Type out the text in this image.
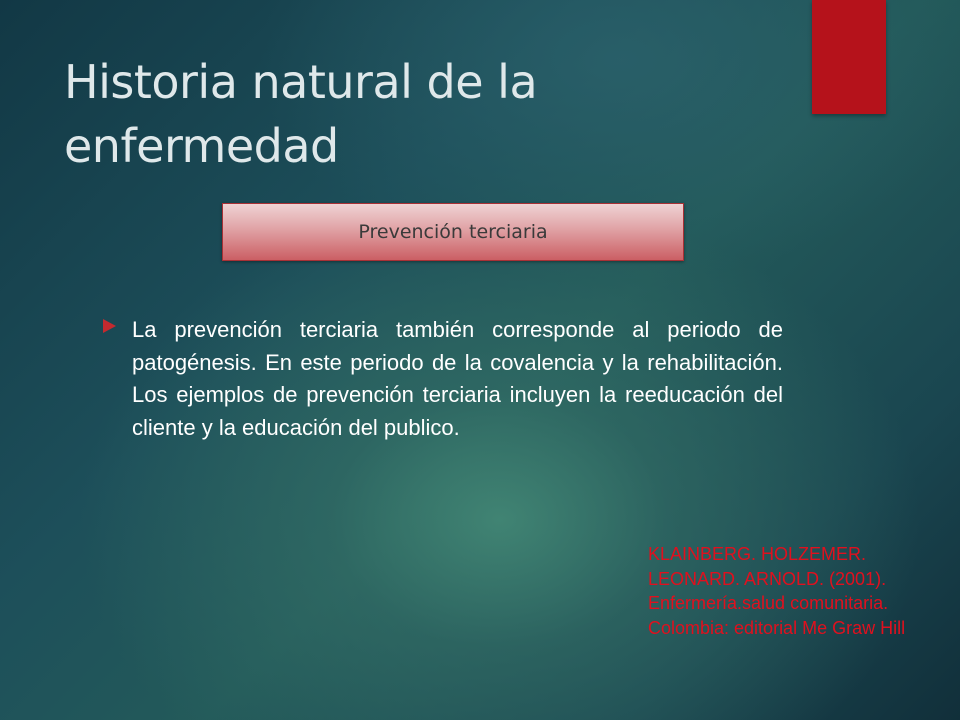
Historia natural de la enfermedad
Prevención terciaria

La prevención terciaria también corresponde al periodo de patogénesis. En este periodo de la covalencia y la rehabilitación. Los ejemplos de prevención terciaria incluyen la reeducación del cliente y la educación del publico.

KLAINBERG. HOLZEMER. LEONARD. ARNOLD. (2001). Enfermería.salud comunitaria. Colombia: editorial Me Graw Hill
